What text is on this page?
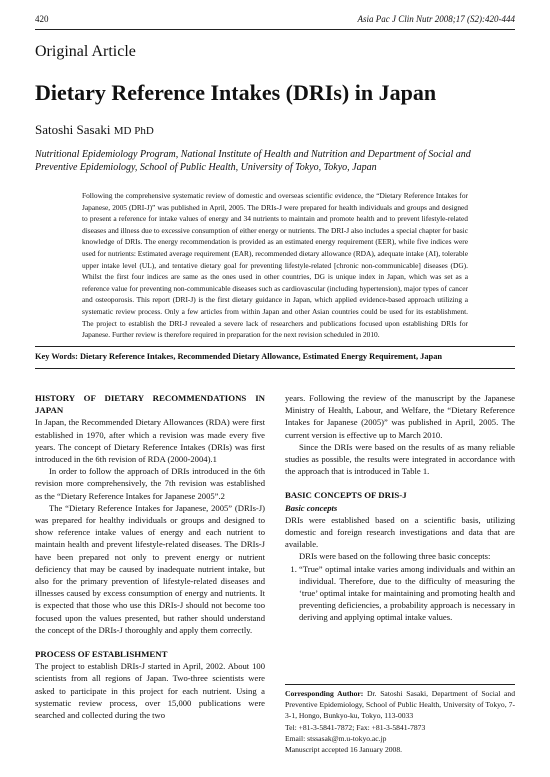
420	Asia Pac J Clin Nutr 2008;17 (S2):420-444
Original Article
Dietary Reference Intakes (DRIs) in Japan
Satoshi Sasaki MD PhD
Nutritional Epidemiology Program, National Institute of Health and Nutrition and Department of Social and Preventive Epidemiology, School of Public Health, University of Tokyo, Tokyo, Japan
Following the comprehensive systematic review of domestic and overseas scientific evidence, the “Dietary Reference Intakes for Japanese, 2005 (DRI-J)” was published in April, 2005. The DRIs-J were prepared for health individuals and groups and designed to present a reference for intake values of energy and 34 nutrients to maintain and promote health and to prevent lifestyle-related diseases and illness due to excessive consumption of either energy or nutrients. The DRI-J also includes a special chapter for basic knowledge of DRIs. The energy recommendation is provided as an estimated energy requirement (EER), while five indices were used for nutrients: Estimated average requirement (EAR), recommended dietary allowance (RDA), adequate intake (AI), tolerable upper intake level (UL), and tentative dietary goal for preventing lifestyle-related [chronic non-communicable] diseases (DG). Whilst the first four indices are same as the ones used in other countries, DG is unique index in Japan, which was set as a reference value for preventing non-communicable diseases such as cardiovascular (including hypertension), major types of cancer and osteoporosis. This report (DRI-J) is the first dietary guidance in Japan, which applied evidence-based approach utilizing a systematic review process. Only a few articles from within Japan and other Asian countries could be used for its establishment. The project to establish the DRI-J revealed a severe lack of researchers and publications focused upon establishing DRIs for Japanese. Further review is therefore required in preparation for the next revision scheduled in 2010.
Key Words: Dietary Reference Intakes, Recommended Dietary Allowance, Estimated Energy Requirement, Japan
HISTORY OF DIETARY RECOMMENDATIONS IN JAPAN

In Japan, the Recommended Dietary Allowances (RDA) were first established in 1970, after which a revision was made every five years. The concept of Dietary Reference Intakes (DRIs) was first introduced in the 6th revision of RDA (2000-2004).1

In order to follow the approach of DRIs introduced in the 6th revision more comprehensively, the 7th revision was established as the “Dietary Reference Intakes for Japanese 2005”.2

The “Dietary Reference Intakes for Japanese, 2005” (DRIs-J) was prepared for healthy individuals or groups and designed to show reference intake values of energy and each nutrient to maintain health and prevent lifestyle-related diseases. The DRIs-J have been prepared not only to prevent energy or nutrient deficiency that may be caused by inadequate nutrient intake, but also for the primary prevention of lifestyle-related diseases and illnesses caused by excess consumption of energy and nutrients. It is expected that those who use this DRIs-J should not become too focused upon the values presented, but rather should understand the concept of the DRIs-J thoroughly and apply them correctly.

PROCESS OF ESTABLISHMENT

The project to establish DRIs-J started in April, 2002. About 100 scientists from all regions of Japan. Two-three scientists were asked to participate in this project for each nutrient. Using a systematic review process, over 15,000 publications were searched and collected during the two

years. Following the review of the manuscript by the Japanese Ministry of Health, Labour, and Welfare, the “Dietary Reference Intakes for Japanese (2005)” was published in April, 2005. The current version is effective up to March 2010.

Since the DRIs were based on the results of as many reliable studies as possible, the results were integrated in accordance with the approach that is introduced in Table 1.

BASIC CONCEPTS OF DRIS-J
Basic concepts

DRIs were established based on a scientific basis, utilizing domestic and foreign research investigations and data that are available.

DRIs were based on the following three basic concepts:

1. “True” optimal intake varies among individuals and within an individual. Therefore, due to the difficulty of measuring the ‘true’ optimal intake for maintaining and promoting health and preventing deficiencies, a probability approach is necessary in deriving and applying optimal intake values.

Corresponding Author: Dr. Satoshi Sasaki, Department of Social and Preventive Epidemiology, School of Public Health, University of Tokyo, 7-3-1, Hongo, Bunkyo-ku, Tokyo, 113-0033

Tel: +81-3-5841-7872; Fax: +81-3-5841-7873

Email: stssasak@m.u-tokyo.ac.jp

Manuscript accepted 16 January 2008.
